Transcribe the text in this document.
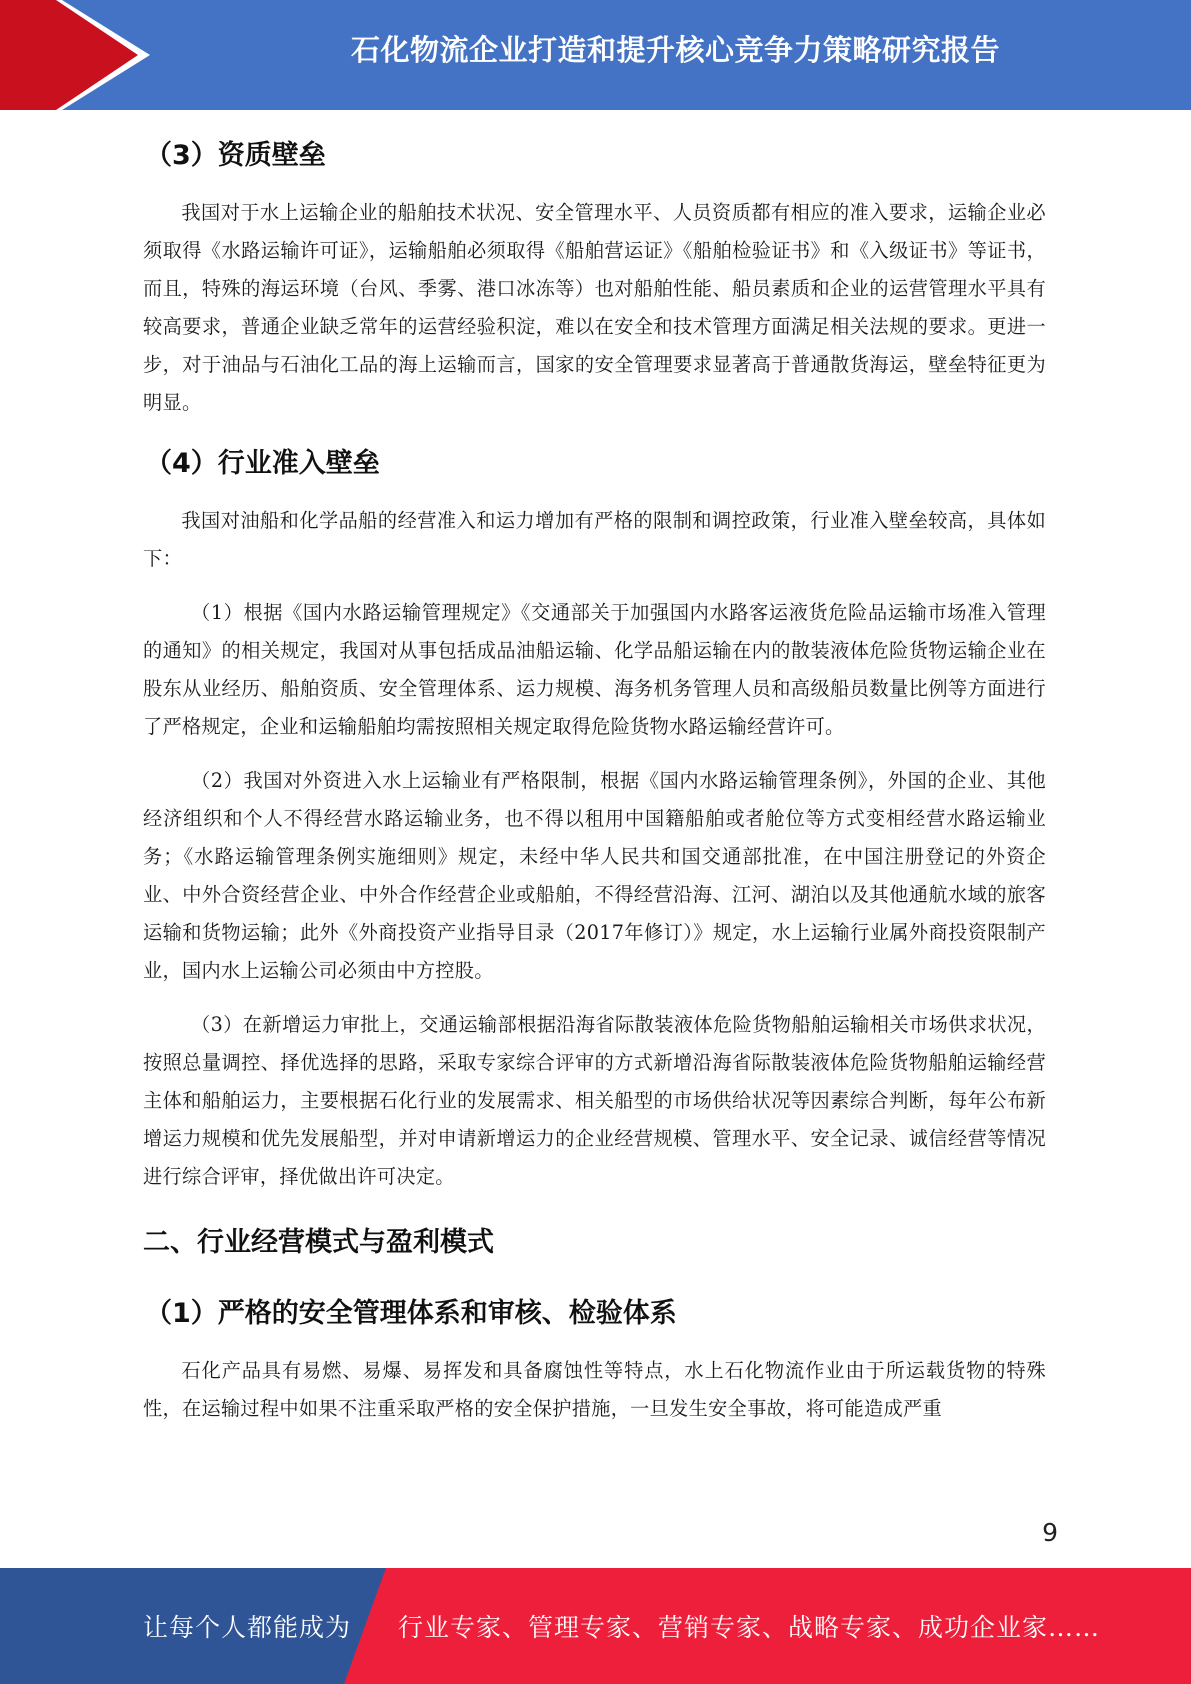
石化物流企业打造和提升核心竞争力策略研究报告
（3）资质壁垒

我国对于水上运输企业的船舶技术状况、安全管理水平、人员资质都有相应的准入要求，运输企业必须取得《水路运输许可证》，运输船舶必须取得《船舶营运证》《船舶检验证书》和《入级证书》等证书，而且，特殊的海运环境（台风、季雾、港口冰冻等）也对船舶性能、船员素质和企业的运营管理水平具有较高要求，普通企业缺乏常年的运营经验积淀，难以在安全和技术管理方面满足相关法规的要求。更进一步，对于油品与石油化工品的海上运输而言，国家的安全管理要求显著高于普通散货海运，壁垒特征更为明显。

（4）行业准入壁垒

我国对油船和化学品船的经营准入和运力增加有严格的限制和调控政策，行业准入壁垒较高，具体如下：

（1）根据《国内水路运输管理规定》《交通部关于加强国内水路客运液货危险品运输市场准入管理的通知》的相关规定，我国对从事包括成品油船运输、化学品船运输在内的散装液体危险货物运输企业在股东从业经历、船舶资质、安全管理体系、运力规模、海务机务管理人员和高级船员数量比例等方面进行了严格规定，企业和运输船舶均需按照相关规定取得危险货物水路运输经营许可。

（2）我国对外资进入水上运输业有严格限制，根据《国内水路运输管理条例》，外国的企业、其他经济组织和个人不得经营水路运输业务，也不得以租用中国籍船舶或者舱位等方式变相经营水路运输业务；《水路运输管理条例实施细则》规定，未经中华人民共和国交通部批准，在中国注册登记的外资企业、中外合资经营企业、中外合作经营企业或船舶，不得经营沿海、江河、湖泊以及其他通航水域的旅客运输和货物运输；此外《外商投资产业指导目录（2017年修订）》规定，水上运输行业属外商投资限制产业，国内水上运输公司必须由中方控股。

（3）在新增运力审批上，交通运输部根据沿海省际散装液体危险货物船舶运输相关市场供求状况，按照总量调控、择优选择的思路，采取专家综合评审的方式新增沿海省际散装液体危险货物船舶运输经营主体和船舶运力，主要根据石化行业的发展需求、相关船型的市场供给状况等因素综合判断，每年公布新增运力规模和优先发展船型，并对申请新增运力的企业经营规模、管理水平、安全记录、诚信经营等情况进行综合评审，择优做出许可决定。

二、行业经营模式与盈利模式
（1）严格的安全管理体系和审核、检验体系

石化产品具有易燃、易爆、易挥发和具备腐蚀性等特点，水上石化物流作业由于所运载货物的特殊性，在运输过程中如果不注重采取严格的安全保护措施，一旦发生安全事故，将可能造成严重

9
让每个人都能成为 行业专家、管理专家、营销专家、战略专家、成功企业家……
